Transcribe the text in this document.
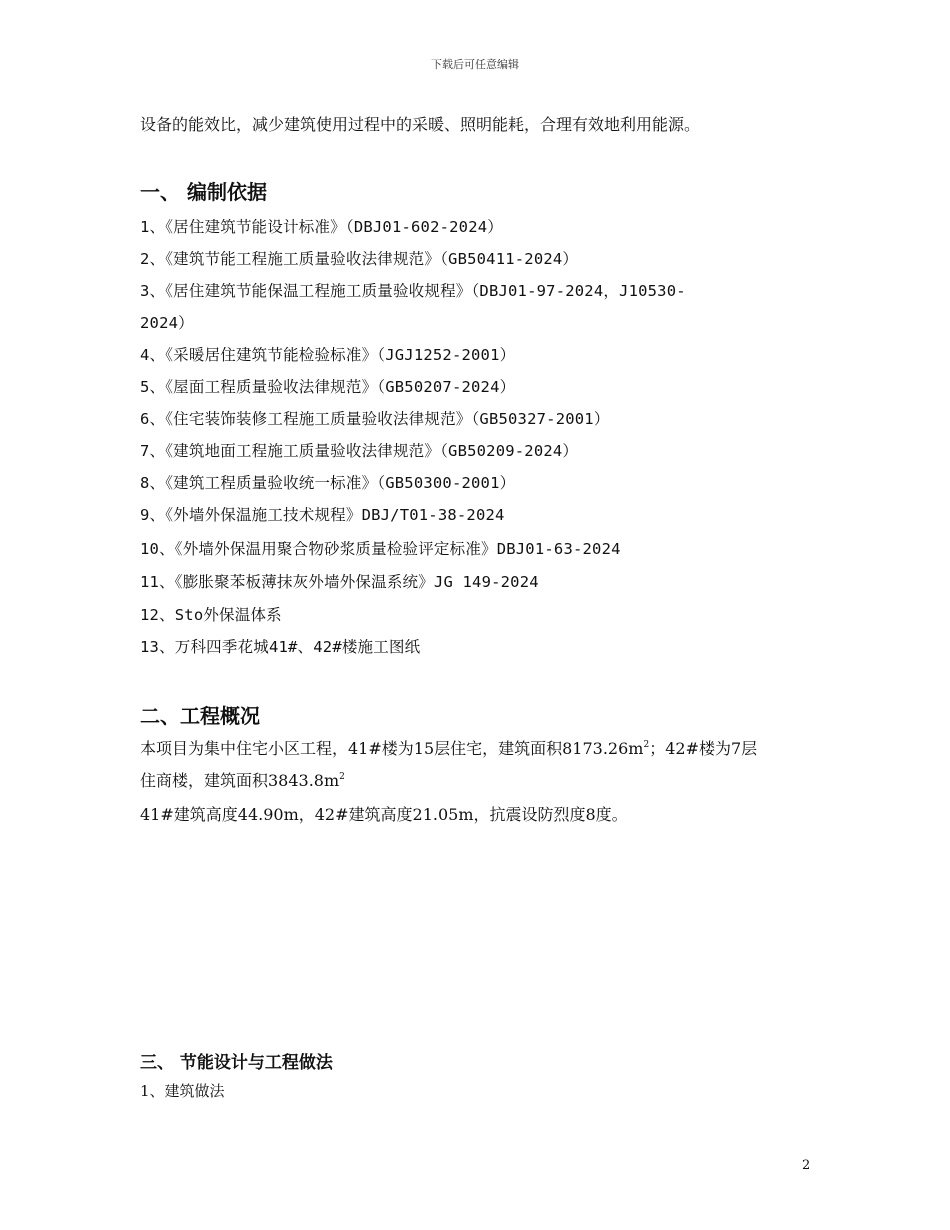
下载后可任意编辑
设备的能效比，减少建筑使用过程中的采暖、照明能耗，合理有效地利用能源。
一、 编制依据
1、《居住建筑节能设计标准》（DBJ01-602-2024）
2、《建筑节能工程施工质量验收法律规范》（GB50411-2024）
3、《居住建筑节能保温工程施工质量验收规程》（DBJ01-97-2024，J10530-
2024）
4、《采暖居住建筑节能检验标准》（JGJ1252-2001）
5、《屋面工程质量验收法律规范》（GB50207-2024）
6、《住宅装饰装修工程施工质量验收法律规范》（GB50327-2001）
7、《建筑地面工程施工质量验收法律规范》（GB50209-2024）
8、《建筑工程质量验收统一标准》（GB50300-2001）
9、《外墙外保温施工技术规程》DBJ/T01-38-2024
10、《外墙外保温用聚合物砂浆质量检验评定标准》DBJ01-63-2024
11、《膨胀聚苯板薄抹灰外墙外保温系统》JG 149-2024
12、Sto外保温体系
13、万科四季花城41#、42#楼施工图纸
二、工程概况
本项目为集中住宅小区工程，41#楼为15层住宅，建筑面积$8173.26m^2$；42#楼为7层
住商楼，建筑面积$3843.8m^2$
41#建筑高度44.90m，42#建筑高度21.05m，抗震设防烈度8度。
三、 节能设计与工程做法
1、建筑做法
2
